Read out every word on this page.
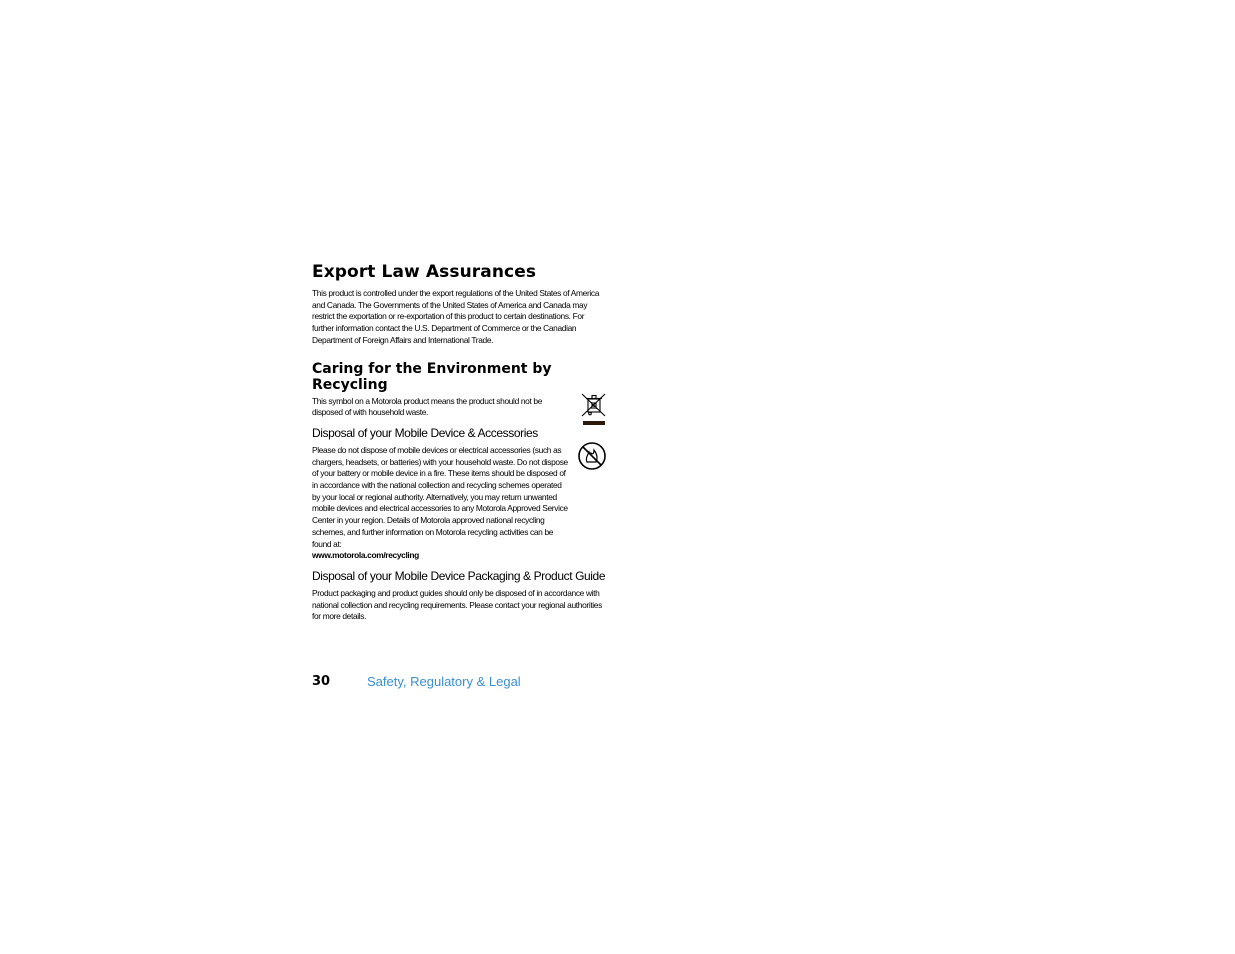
Export Law Assurances

This product is controlled under the export regulations of the United States of America and Canada. The Governments of the United States of America and Canada may restrict the exportation or re-exportation of this product to certain destinations. For further information contact the U.S. Department of Commerce or the Canadian Department of Foreign Affairs and International Trade.

Caring for the Environment by Recycling

This symbol on a Motorola product means the product should not be disposed of with household waste.

Disposal of your Mobile Device & Accessories

Please do not dispose of mobile devices or electrical accessories (such as chargers, headsets, or batteries) with your household waste. Do not dispose of your battery or mobile device in a fire. These items should be disposed of in accordance with the national collection and recycling schemes operated by your local or regional authority. Alternatively, you may return unwanted mobile devices and electrical accessories to any Motorola Approved Service Center in your region. Details of Motorola approved national recycling schemes, and further information on Motorola recycling activities can be found at:
www.motorola.com/recycling

Disposal of your Mobile Device Packaging & Product Guide

Product packaging and product guides should only be disposed of in accordance with national collection and recycling requirements. Please contact your regional authorities for more details.

30	Safety, Regulatory & Legal
